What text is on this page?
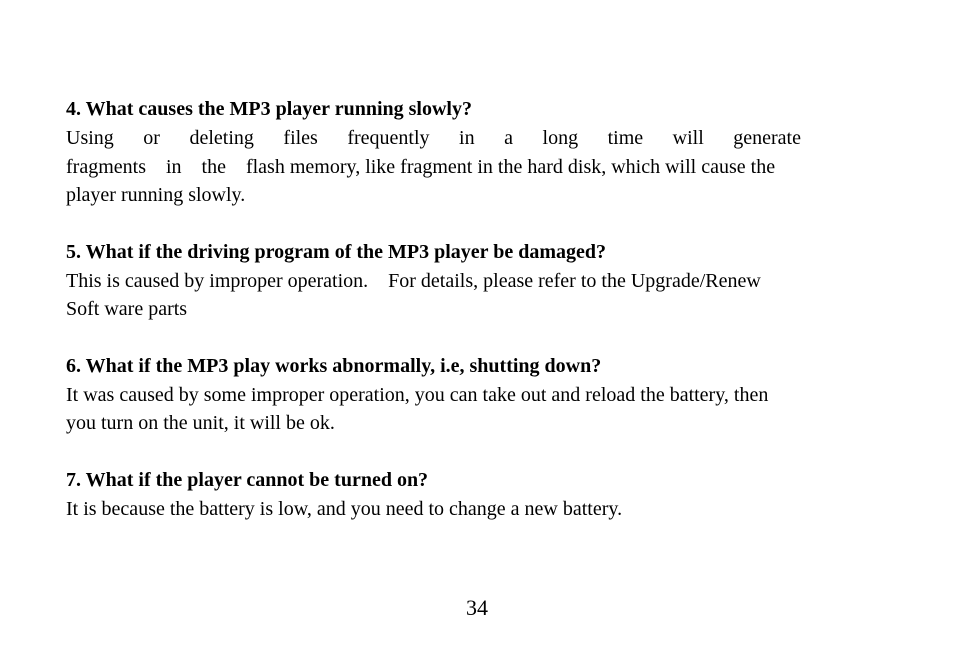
4. What causes the MP3 player running slowly?

Using or deleting files frequently in a long time will generate
fragments in the flash memory, like fragment in the hard disk, which will cause the
player running slowly.

5. What if the driving program of the MP3 player be damaged?

This is caused by improper operation. For details, please refer to the Upgrade/Renew
Soft ware parts

6. What if the MP3 play works abnormally, i.e, shutting down?

It was caused by some improper operation, you can take out and reload the battery, then
you turn on the unit, it will be ok.

7. What if the player cannot be turned on?

It is because the battery is low, and you need to change a new battery.

34
